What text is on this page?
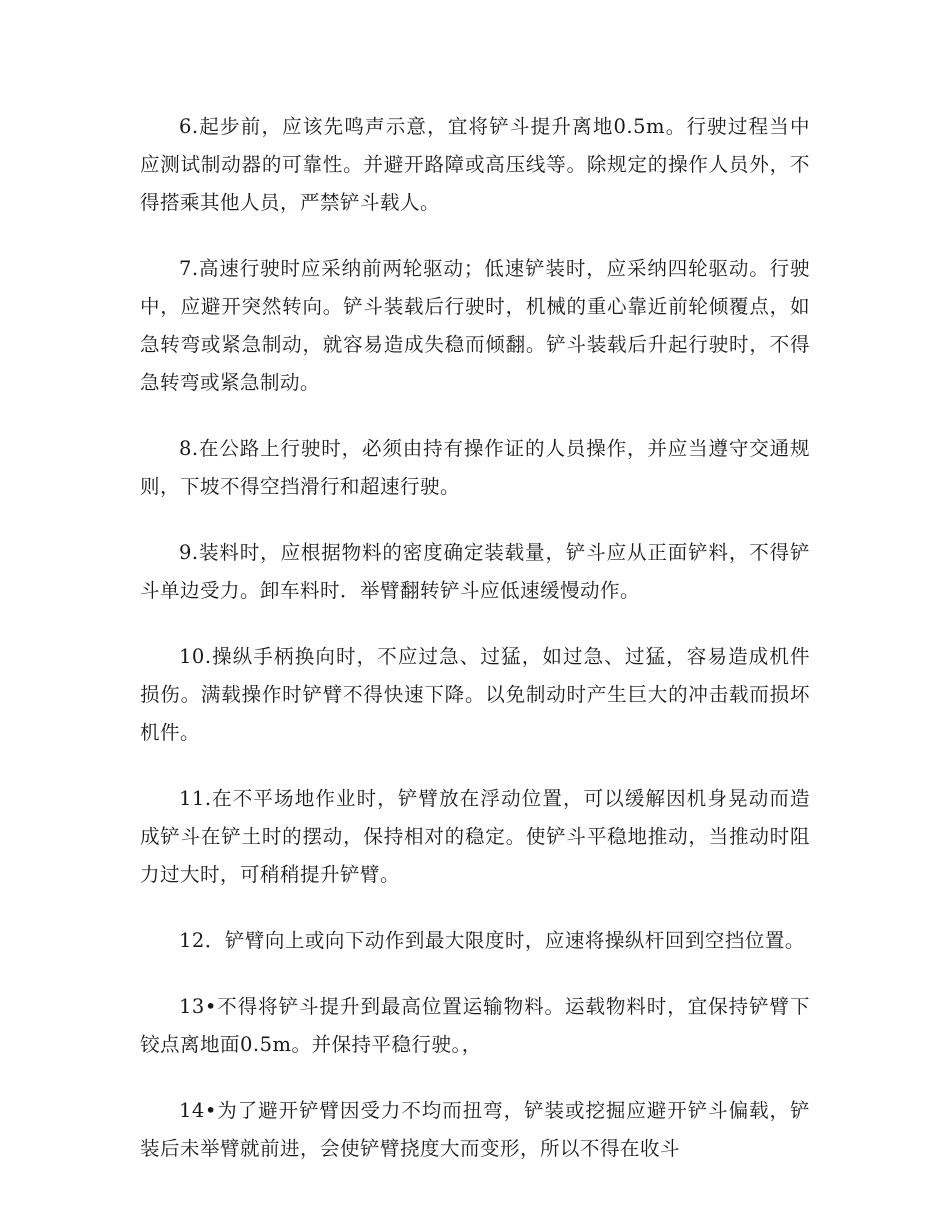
6.起步前，应该先鸣声示意，宜将铲斗提升离地0.5m。行驶过程当中应测试制动器的可靠性。并避开路障或高压线等。除规定的操作人员外，不得搭乘其他人员，严禁铲斗载人。

7.高速行驶时应采纳前两轮驱动；低速铲装时，应采纳四轮驱动。行驶中，应避开突然转向。铲斗装载后行驶时，机械的重心靠近前轮倾覆点，如急转弯或紧急制动，就容易造成失稳而倾翻。铲斗装载后升起行驶时，不得急转弯或紧急制动。

8.在公路上行驶时，必须由持有操作证的人员操作，并应当遵守交通规则，下坡不得空挡滑行和超速行驶。

9.装料时，应根据物料的密度确定装载量，铲斗应从正面铲料，不得铲斗单边受力。卸车料时．举臂翻转铲斗应低速缓慢动作。

10.操纵手柄换向时，不应过急、过猛，如过急、过猛，容易造成机件损伤。满载操作时铲臂不得快速下降。以免制动时产生巨大的冲击载而损坏机件。

11.在不平场地作业时，铲臂放在浮动位置，可以缓解因机身晃动而造成铲斗在铲土时的摆动，保持相对的稳定。使铲斗平稳地推动，当推动时阻力过大时，可稍稍提升铲臂。

12．铲臂向上或向下动作到最大限度时，应速将操纵杆回到空挡位置。

13•不得将铲斗提升到最高位置运输物料。运载物料时，宜保持铲臂下铰点离地面0.5m。并保持平稳行驶。，

14•为了避开铲臂因受力不均而扭弯，铲装或挖掘应避开铲斗偏载，铲装后未举臂就前进，会使铲臂挠度大而变形，所以不得在收斗
